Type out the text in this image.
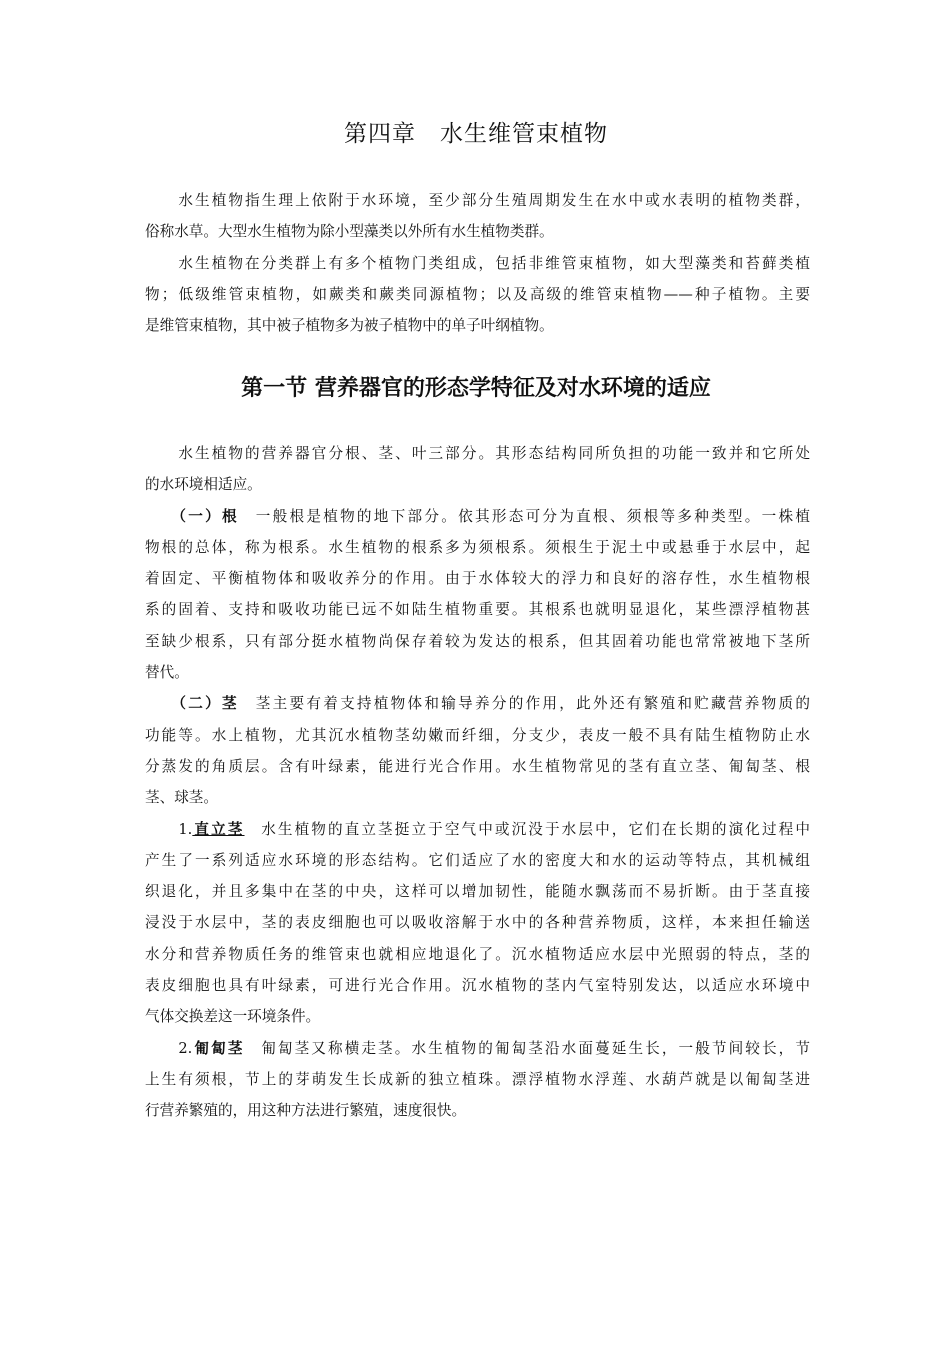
第四章　水生维管束植物
　　水生植物指生理上依附于水环境，至少部分生殖周期发生在水中或水表明的植物类群，
俗称水草。大型水生植物为除小型藻类以外所有水生植物类群。
　　水生植物在分类群上有多个植物门类组成，包括非维管束植物，如大型藻类和苔藓类植
物；低级维管束植物，如蕨类和蕨类同源植物；以及高级的维管束植物——种子植物。主要
是维管束植物，其中被子植物多为被子植物中的单子叶纲植物。
第一节 营养器官的形态学特征及对水环境的适应
　　水生植物的营养器官分根、茎、叶三部分。其形态结构同所负担的功能一致并和它所处
的水环境相适应。
　　（一）根　一般根是植物的地下部分。依其形态可分为直根、须根等多种类型。一株植
物根的总体，称为根系。水生植物的根系多为须根系。须根生于泥土中或悬垂于水层中，起
着固定、平衡植物体和吸收养分的作用。由于水体较大的浮力和良好的溶存性，水生植物根
系的固着、支持和吸收功能已远不如陆生植物重要。其根系也就明显退化，某些漂浮植物甚
至缺少根系，只有部分挺水植物尚保存着较为发达的根系，但其固着功能也常常被地下茎所
替代。
　　（二）茎　茎主要有着支持植物体和输导养分的作用，此外还有繁殖和贮藏营养物质的
功能等。水上植物，尤其沉水植物茎幼嫩而纤细，分支少，表皮一般不具有陆生植物防止水
分蒸发的角质层。含有叶绿素，能进行光合作用。水生植物常见的茎有直立茎、匍匐茎、根
茎、球茎。
　　1.直立茎　水生植物的直立茎挺立于空气中或沉没于水层中，它们在长期的演化过程中
产生了一系列适应水环境的形态结构。它们适应了水的密度大和水的运动等特点，其机械组
织退化，并且多集中在茎的中央，这样可以增加韧性，能随水飘荡而不易折断。由于茎直接
浸没于水层中，茎的表皮细胞也可以吸收溶解于水中的各种营养物质，这样，本来担任输送
水分和营养物质任务的维管束也就相应地退化了。沉水植物适应水层中光照弱的特点，茎的
表皮细胞也具有叶绿素，可进行光合作用。沉水植物的茎内气室特别发达，以适应水环境中
气体交换差这一环境条件。
　　2.匍匐茎　匍匐茎又称横走茎。水生植物的匍匐茎沿水面蔓延生长，一般节间较长，节
上生有须根，节上的芽萌发生长成新的独立植珠。漂浮植物水浮莲、水葫芦就是以匍匐茎进
行营养繁殖的，用这种方法进行繁殖，速度很快。
